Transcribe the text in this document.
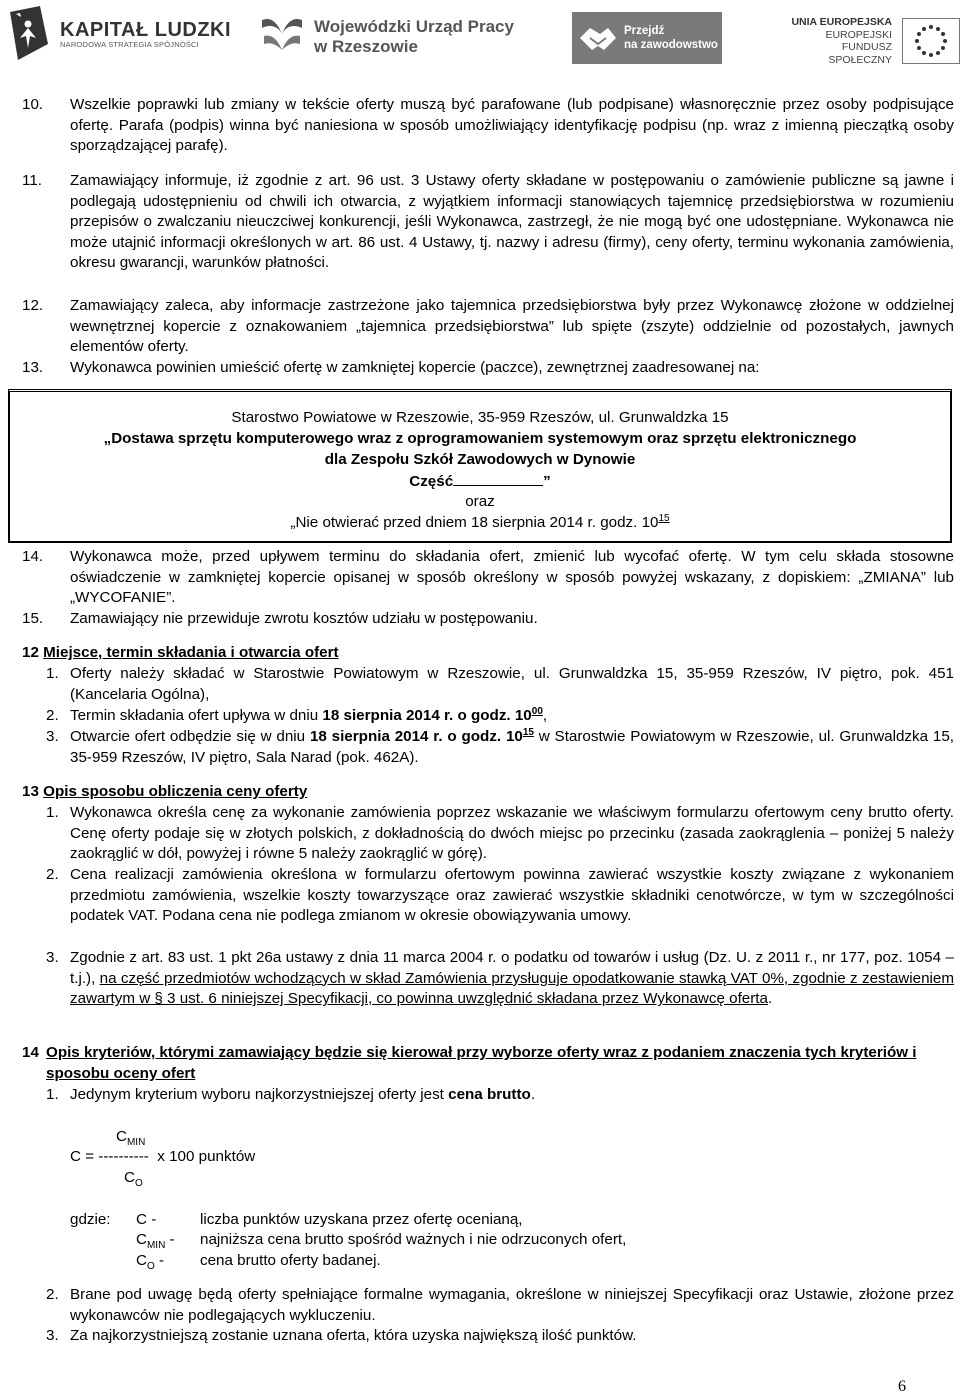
KAPITAŁ LUDZKI
NARODOWA STRATEGIA SPÓJNOŚCI
Wojewódzki Urząd Pracy
w Rzeszowie
Przejdź
na zawodowstwo
UNIA EUROPEJSKA
EUROPEJSKI
FUNDUSZ SPOŁECZNY
10. Wszelkie poprawki lub zmiany w tekście oferty muszą być parafowane (lub podpisane) własnoręcznie przez osoby podpisujące ofertę. Parafa (podpis) winna być naniesiona w sposób umożliwiający identyfikację podpisu (np. wraz z imienną pieczątką osoby sporządzającej parafę).
11. Zamawiający informuje, iż zgodnie z art. 96 ust. 3 Ustawy oferty składane w postępowaniu o zamówienie publiczne są jawne i podlegają udostępnieniu od chwili ich otwarcia, z wyjątkiem informacji stanowiących tajemnicę przedsiębiorstwa w rozumieniu przepisów o zwalczaniu nieuczciwej konkurencji, jeśli Wykonawca, zastrzegł, że nie mogą być one udostępniane. Wykonawca nie może utajnić informacji określonych w art. 86 ust. 4 Ustawy, tj. nazwy i adresu (firmy), ceny oferty, terminu wykonania zamówienia, okresu gwarancji, warunków płatności.
12. Zamawiający zaleca, aby informacje zastrzeżone jako tajemnica przedsiębiorstwa były przez Wykonawcę złożone w oddzielnej wewnętrznej kopercie z oznakowaniem „tajemnica przedsiębiorstwa” lub spięte (zszyte) oddzielnie od pozostałych, jawnych elementów oferty.
13. Wykonawca powinien umieścić ofertę w zamkniętej kopercie (paczce), zewnętrznej zaadresowanej na:
Starostwo Powiatowe w Rzeszowie, 35-959 Rzeszów, ul. Grunwaldzka 15
„Dostawa sprzętu komputerowego wraz z oprogramowaniem systemowym oraz sprzętu elektronicznego
dla Zespołu Szkół Zawodowych w Dynowie
Część	”
oraz
„Nie otwierać przed dniem 18 sierpnia 2014 r. godz. $10^{15}$
14. Wykonawca może, przed upływem terminu do składania ofert, zmienić lub wycofać ofertę. W tym celu składa stosowne oświadczenie w zamkniętej kopercie opisanej w sposób określony w sposób powyżej wskazany, z dopiskiem: „ZMIANA” lub „WYCOFANIE”.
15. Zamawiający nie przewiduje zwrotu kosztów udziału w postępowaniu.
12 Miejsce, termin składania i otwarcia ofert
1. Oferty należy składać w Starostwie Powiatowym w Rzeszowie, ul. Grunwaldzka 15, 35-959 Rzeszów, IV piętro, pok. 451 (Kancelaria Ogólna),
2. Termin składania ofert upływa w dniu 18 sierpnia 2014 r. o godz. $10^{00}$,
3. Otwarcie ofert odbędzie się w dniu 18 sierpnia 2014 r. o godz. $10^{15}$ w Starostwie Powiatowym w Rzeszowie, ul. Grunwaldzka 15, 35-959 Rzeszów, IV piętro, Sala Narad (pok. 462A).
13 Opis sposobu obliczenia ceny oferty
1. Wykonawca określa cenę za wykonanie zamówienia poprzez wskazanie we właściwym formularzu ofertowym ceny brutto oferty. Cenę oferty podaje się w złotych polskich, z dokładnością do dwóch miejsc po przecinku (zasada zaokrąglenia – poniżej 5 należy zaokrąglić w dół, powyżej i równe 5 należy zaokrąglić w górę).
2. Cena realizacji zamówienia określona w formularzu ofertowym powinna zawierać wszystkie koszty związane z wykonaniem przedmiotu zamówienia, wszelkie koszty towarzyszące oraz zawierać wszystkie składniki cenotwórcze, w tym w szczególności podatek VAT. Podana cena nie podlega zmianom w okresie obowiązywania umowy.
3. Zgodnie z art. 83 ust. 1 pkt 26a ustawy z dnia 11 marca 2004 r. o podatku od towarów i usług (Dz. U. z 2011 r., nr 177, poz. 1054 – t.j.), na część przedmiotów wchodzących w skład Zamówienia przysługuje opodatkowanie stawką VAT 0%, zgodnie z zestawieniem zawartym w § 3 ust. 6 niniejszej Specyfikacji, co powinna uwzględnić składana przez Wykonawcę oferta.
14 Opis kryteriów, którymi zamawiający będzie się kierował przy wyborze oferty wraz z podaniem znaczenia tych kryteriów i sposobu oceny ofert
1. Jedynym kryterium wyboru najkorzystniejszej oferty jest cena brutto.
$C_{MIN}$
C = ----------  x 100 punktów
$C_O$
gdzie: C -	liczba punktów uzyskana przez ofertę ocenianą,
$C_{MIN}$ - najniższa cena brutto spośród ważnych i nie odrzuconych ofert,
$C_O$ - cena brutto oferty badanej.
2. Brane pod uwagę będą oferty spełniające formalne wymagania, określone w niniejszej Specyfikacji oraz Ustawie, złożone przez wykonawców nie podlegających wykluczeniu.
3. Za najkorzystniejszą zostanie uznana oferta, która uzyska największą ilość punktów.
6
